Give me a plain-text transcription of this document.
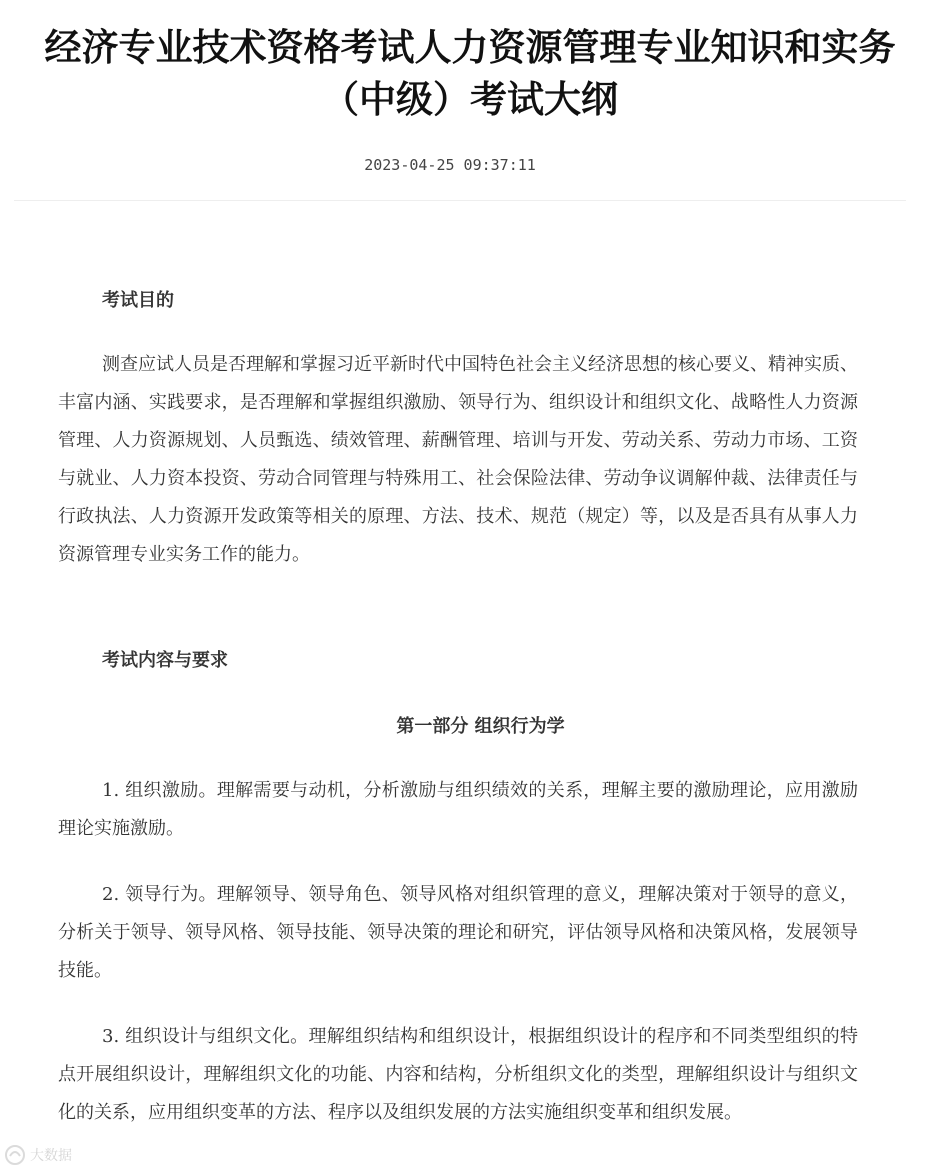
经济专业技术资格考试人力资源管理专业知识和实务（中级）考试大纲
2023-04-25 09:37:11
考试目的

测查应试人员是否理解和掌握习近平新时代中国特色社会主义经济思想的核心要义、精神实质、丰富内涵、实践要求，是否理解和掌握组织激励、领导行为、组织设计和组织文化、战略性人力资源管理、人力资源规划、人员甄选、绩效管理、薪酬管理、培训与开发、劳动关系、劳动力市场、工资与就业、人力资本投资、劳动合同管理与特殊用工、社会保险法律、劳动争议调解仲裁、法律责任与行政执法、人力资源开发政策等相关的原理、方法、技术、规范（规定）等，以及是否具有从事人力资源管理专业实务工作的能力。

考试内容与要求
第一部分 组织行为学

1. 组织激励。理解需要与动机，分析激励与组织绩效的关系，理解主要的激励理论，应用激励理论实施激励。

2. 领导行为。理解领导、领导角色、领导风格对组织管理的意义，理解决策对于领导的意义，分析关于领导、领导风格、领导技能、领导决策的理论和研究，评估领导风格和决策风格，发展领导技能。

3. 组织设计与组织文化。理解组织结构和组织设计，根据组织设计的程序和不同类型组织的特点开展组织设计，理解组织文化的功能、内容和结构，分析组织文化的类型，理解组织设计与组织文化的关系，应用组织变革的方法、程序以及组织发展的方法实施组织变革和组织发展。

大数据
